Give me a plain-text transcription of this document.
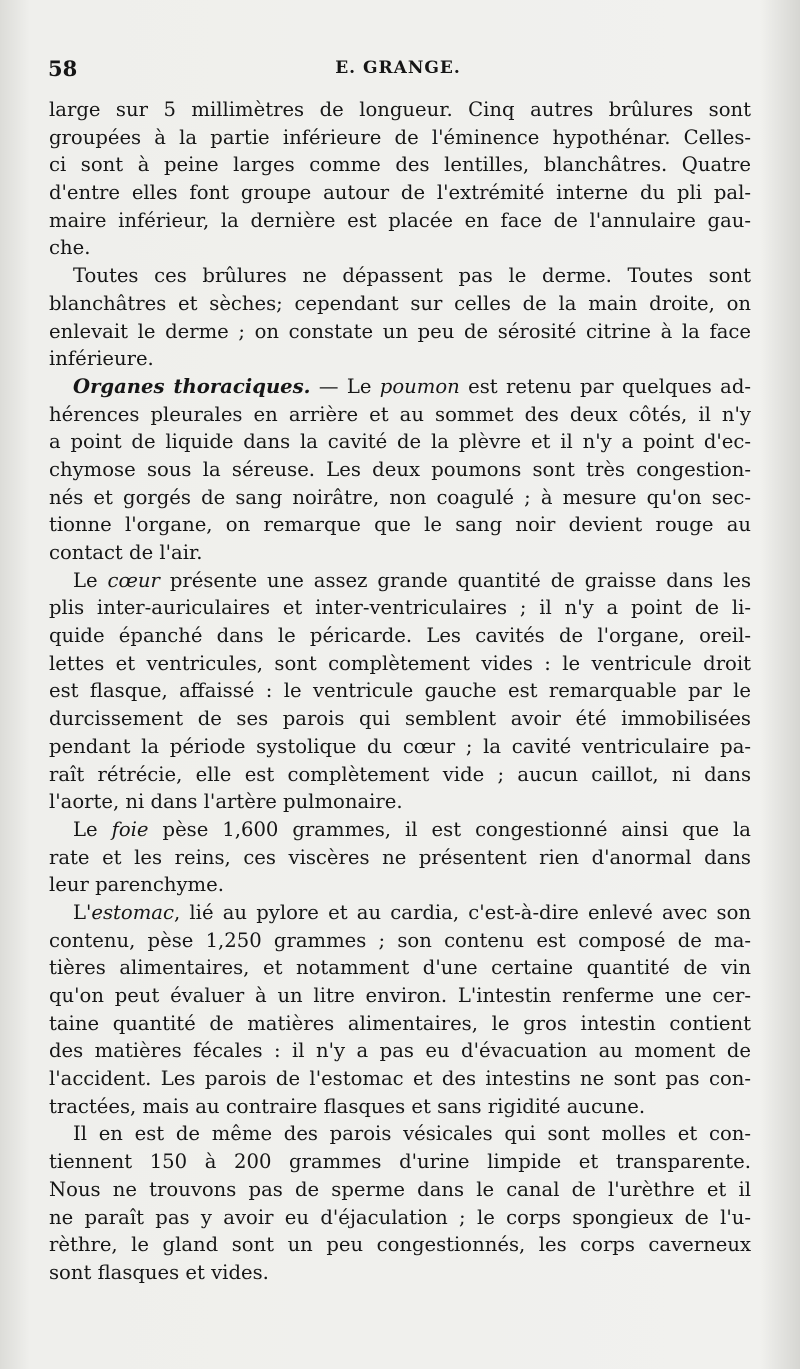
58	E. GRANGE.
large sur 5 millimètres de longueur. Cinq autres brûlures sont
groupées à la partie inférieure de l'éminence hypothénar. Celles-
ci sont à peine larges comme des lentilles, blanchâtres. Quatre
d'entre elles font groupe autour de l'extrémité interne du pli pal-
maire inférieur, la dernière est placée en face de l'annulaire gau-
che.
Toutes ces brûlures ne dépassent pas le derme. Toutes sont
blanchâtres et sèches; cependant sur celles de la main droite, on
enlevait le derme ; on constate un peu de sérosité citrine à la face
inférieure.
Organes thoraciques. — Le poumon est retenu par quelques ad-
hérences pleurales en arrière et au sommet des deux côtés, il n'y
a point de liquide dans la cavité de la plèvre et il n'y a point d'ec-
chymose sous la séreuse. Les deux poumons sont très congestion-
nés et gorgés de sang noirâtre, non coagulé ; à mesure qu'on sec-
tionne l'organe, on remarque que le sang noir devient rouge au
contact de l'air.
Le cœur présente une assez grande quantité de graisse dans les
plis inter-auriculaires et inter-ventriculaires ; il n'y a point de li-
quide épanché dans le péricarde. Les cavités de l'organe, oreil-
lettes et ventricules, sont complètement vides : le ventricule droit
est flasque, affaissé : le ventricule gauche est remarquable par le
durcissement de ses parois qui semblent avoir été immobilisées
pendant la période systolique du cœur ; la cavité ventriculaire pa-
raît rétrécie, elle est complètement vide ; aucun caillot, ni dans
l'aorte, ni dans l'artère pulmonaire.
Le foie pèse 1,600 grammes, il est congestionné ainsi que la
rate et les reins, ces viscères ne présentent rien d'anormal dans
leur parenchyme.
L'estomac, lié au pylore et au cardia, c'est-à-dire enlevé avec son
contenu, pèse 1,250 grammes ; son contenu est composé de ma-
tières alimentaires, et notamment d'une certaine quantité de vin
qu'on peut évaluer à un litre environ. L'intestin renferme une cer-
taine quantité de matières alimentaires, le gros intestin contient
des matières fécales : il n'y a pas eu d'évacuation au moment de
l'accident. Les parois de l'estomac et des intestins ne sont pas con-
tractées, mais au contraire flasques et sans rigidité aucune.
Il en est de même des parois vésicales qui sont molles et con-
tiennent 150 à 200 grammes d'urine limpide et transparente.
Nous ne trouvons pas de sperme dans le canal de l'urèthre et il
ne paraît pas y avoir eu d'éjaculation ; le corps spongieux de l'u-
rèthre, le gland sont un peu congestionnés, les corps caverneux
sont flasques et vides.
